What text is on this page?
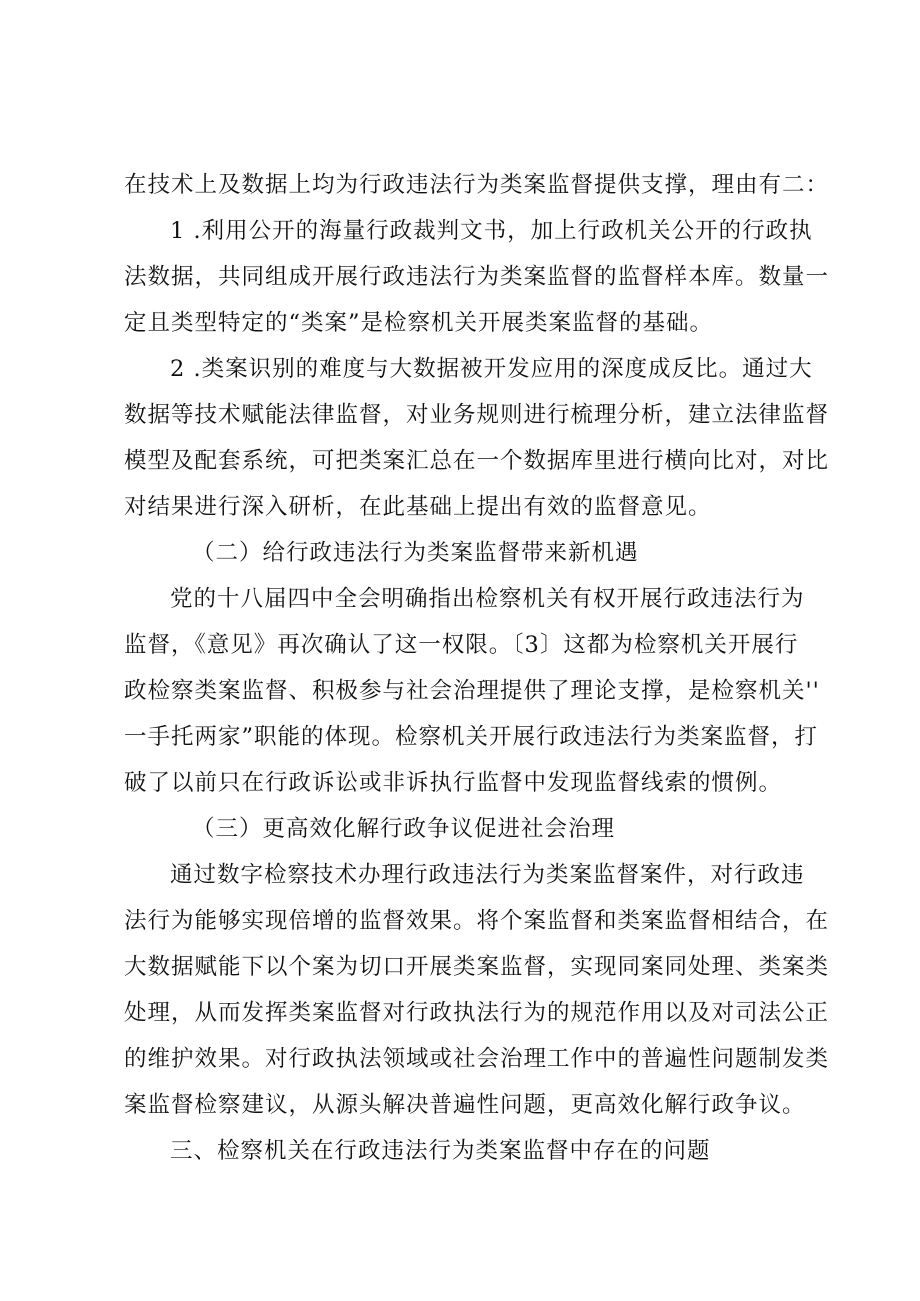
在技术上及数据上均为行政违法行为类案监督提供支撑，理由有二：
1 .利用公开的海量行政裁判文书，加上行政机关公开的行政执
法数据，共同组成开展行政违法行为类案监督的监督样本库。数量一
定且类型特定的“类案”是检察机关开展类案监督的基础。
2 .类案识别的难度与大数据被开发应用的深度成反比。通过大
数据等技术赋能法律监督，对业务规则进行梳理分析，建立法律监督
模型及配套系统，可把类案汇总在一个数据库里进行横向比对，对比
对结果进行深入研析，在此基础上提出有效的监督意见。
（二）给行政违法行为类案监督带来新机遇
党的十八届四中全会明确指出检察机关有权开展行政违法行为
监督，《意见》再次确认了这一权限。〔3〕这都为检察机关开展行
政检察类案监督、积极参与社会治理提供了理论支撑，是检察机关''
一手托两家”职能的体现。检察机关开展行政违法行为类案监督，打
破了以前只在行政诉讼或非诉执行监督中发现监督线索的惯例。
（三）更高效化解行政争议促进社会治理
通过数字检察技术办理行政违法行为类案监督案件，对行政违
法行为能够实现倍增的监督效果。将个案监督和类案监督相结合，在
大数据赋能下以个案为切口开展类案监督，实现同案同处理、类案类
处理，从而发挥类案监督对行政执法行为的规范作用以及对司法公正
的维护效果。对行政执法领域或社会治理工作中的普遍性问题制发类
案监督检察建议，从源头解决普遍性问题，更高效化解行政争议。
三、检察机关在行政违法行为类案监督中存在的问题
